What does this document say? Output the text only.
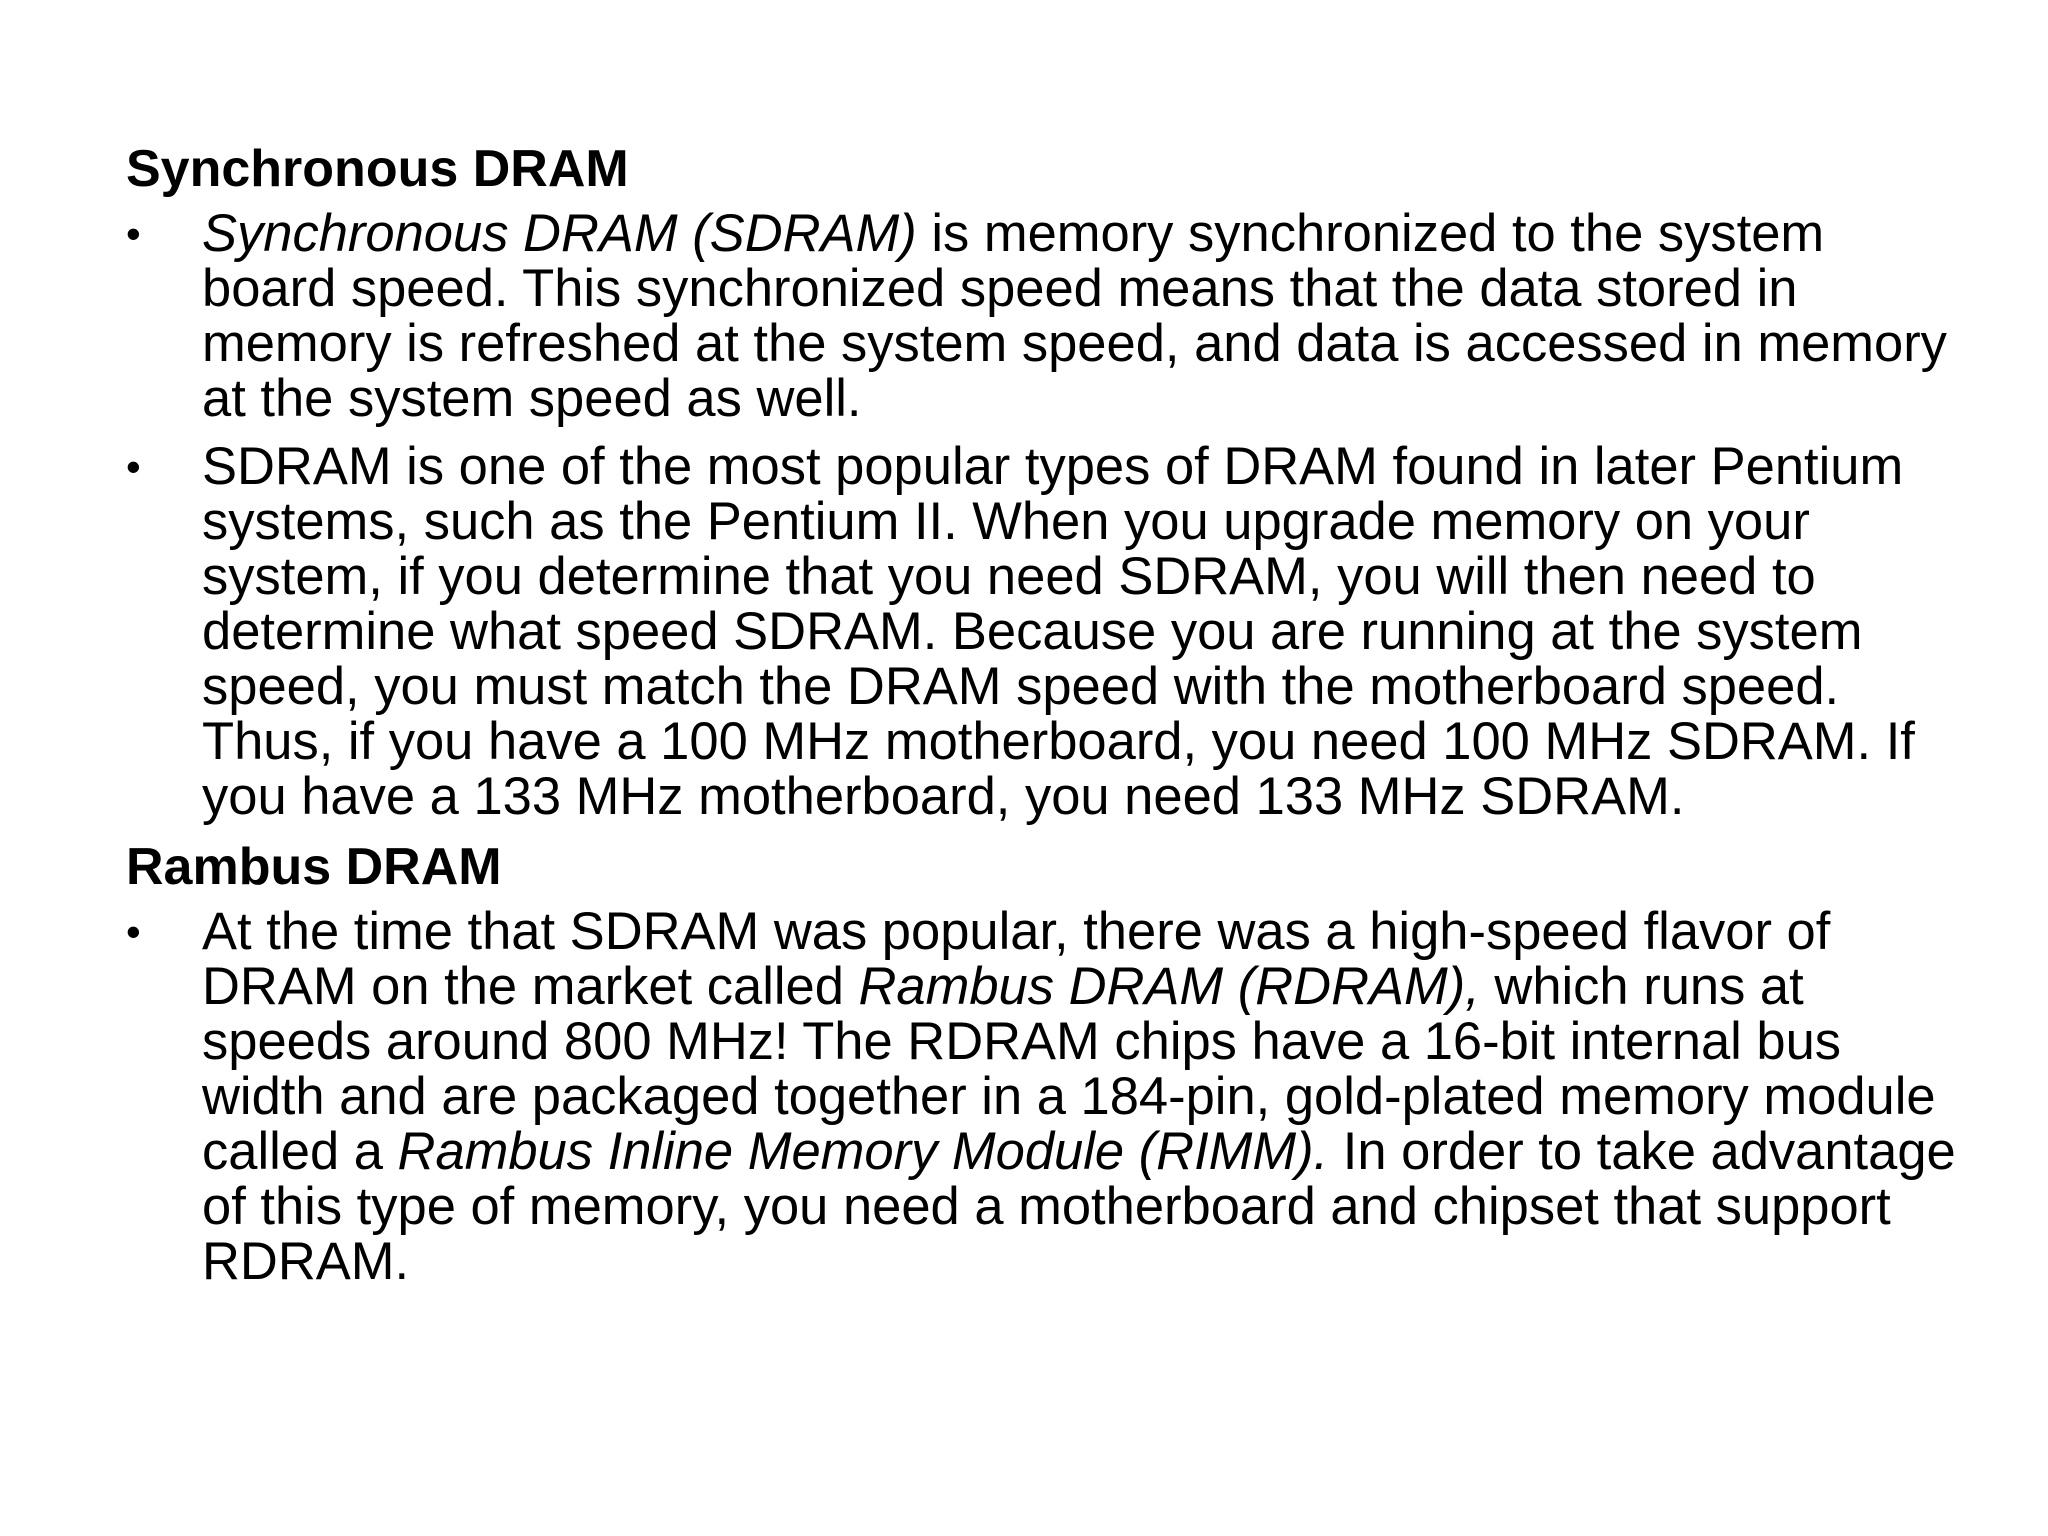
Synchronous DRAM
• Synchronous DRAM (SDRAM) is memory synchronized to the system board speed. This synchronized speed means that the data stored in memory is refreshed at the system speed, and data is accessed in memory at the system speed as well.
• SDRAM is one of the most popular types of DRAM found in later Pentium systems, such as the Pentium II. When you upgrade memory on your system, if you determine that you need SDRAM, you will then need to determine what speed SDRAM. Because you are running at the system speed, you must match the DRAM speed with the motherboard speed. Thus, if you have a 100 MHz motherboard, you need 100 MHz SDRAM. If you have a 133 MHz motherboard, you need 133 MHz SDRAM.
Rambus DRAM
• At the time that SDRAM was popular, there was a high-speed flavor of DRAM on the market called Rambus DRAM (RDRAM), which runs at speeds around 800 MHz! The RDRAM chips have a 16-bit internal bus width and are packaged together in a 184-pin, gold-plated memory module called a Rambus Inline Memory Module (RIMM). In order to take advantage of this type of memory, you need a motherboard and chipset that support RDRAM.
